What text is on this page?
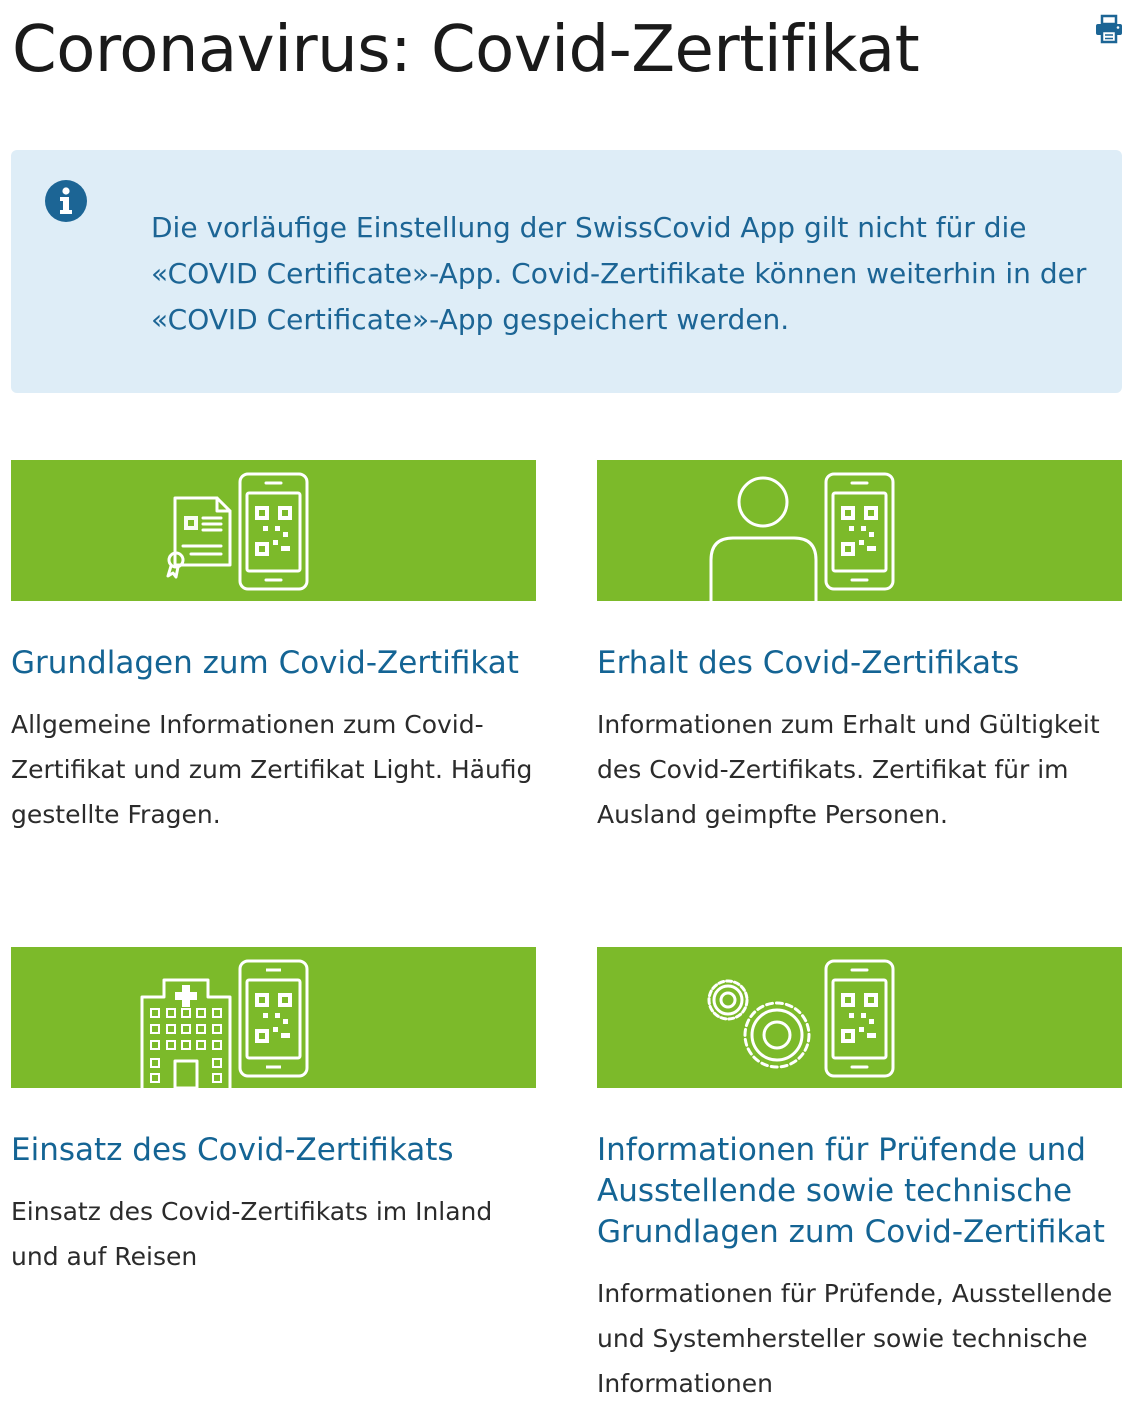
Coronavirus: Covid-Zertifikat

Die vorläufige Einstellung der SwissCovid App gilt nicht für die «COVID Certificate»-App. Covid-Zertifikate können weiterhin in der «COVID Certificate»-App gespeichert werden.

Grundlagen zum Covid-Zertifikat

Allgemeine Informationen zum Covid-Zertifikat und zum Zertifikat Light. Häufig gestellte Fragen.

Erhalt des Covid-Zertifikats

Informationen zum Erhalt und Gültigkeit des Covid-Zertifikats. Zertifikat für im Ausland geimpfte Personen.

Einsatz des Covid-Zertifikats

Einsatz des Covid-Zertifikats im Inland und auf Reisen

Informationen für Prüfende und Ausstellende sowie technische Grundlagen zum Covid-Zertifikat

Informationen für Prüfende, Ausstellende und Systemhersteller sowie technische Informationen
